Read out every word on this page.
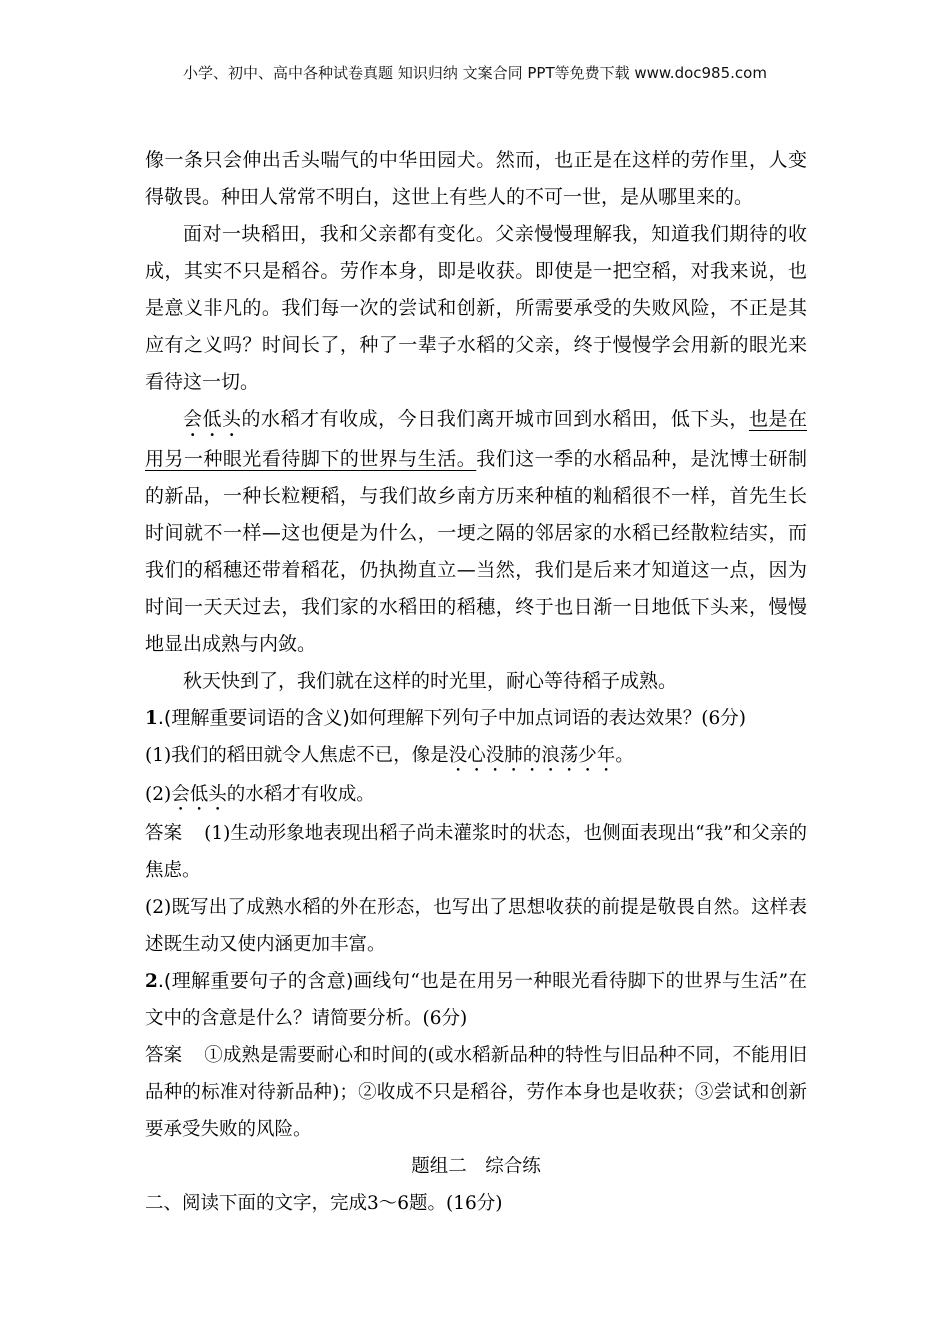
小学、初中、高中各种试卷真题 知识归纳 文案合同 PPT等免费下载 www.doc985.com

像一条只会伸出舌头喘气的中华田园犬。然而，也正是在这样的劳作里，人变得敬畏。种田人常常不明白，这世上有些人的不可一世，是从哪里来的。

面对一块稻田，我和父亲都有变化。父亲慢慢理解我，知道我们期待的收成，其实不只是稻谷。劳作本身，即是收获。即使是一把空稻，对我来说，也是意义非凡的。我们每一次的尝试和创新，所需要承受的失败风险，不正是其应有之义吗？时间长了，种了一辈子水稻的父亲，终于慢慢学会用新的眼光来看待这一切。

会低头的水稻才有收成，今日我们离开城市回到水稻田，低下头，也是在用另一种眼光看待脚下的世界与生活。我们这一季的水稻品种，是沈博士研制的新品，一种长粒粳稻，与我们故乡南方历来种植的籼稻很不一样，首先生长时间就不一样—这也便是为什么，一埂之隔的邻居家的水稻已经散粒结实，而我们的稻穗还带着稻花，仍执拗直立—当然，我们是后来才知道这一点，因为时间一天天过去，我们家的水稻田的稻穗，终于也日渐一日地低下头来，慢慢地显出成熟与内敛。

秋天快到了，我们就在这样的时光里，耐心等待稻子成熟。

1.(理解重要词语的含义)如何理解下列句子中加点词语的表达效果？(6分)

(1)我们的稻田就令人焦虑不已，像是没心没肺的浪荡少年。

(2)会低头的水稻才有收成。

答案 (1)生动形象地表现出稻子尚未灌浆时的状态，也侧面表现出“我”和父亲的焦虑。

(2)既写出了成熟水稻的外在形态，也写出了思想收获的前提是敬畏自然。这样表述既生动又使内涵更加丰富。

2.(理解重要句子的含意)画线句“也是在用另一种眼光看待脚下的世界与生活”在文中的含意是什么？请简要分析。(6分)

答案 ①成熟是需要耐心和时间的(或水稻新品种的特性与旧品种不同，不能用旧品种的标准对待新品种)；②收成不只是稻谷，劳作本身也是收获；③尝试和创新要承受失败的风险。

题组二　综合练

二、阅读下面的文字，完成3～6题。(16分)
